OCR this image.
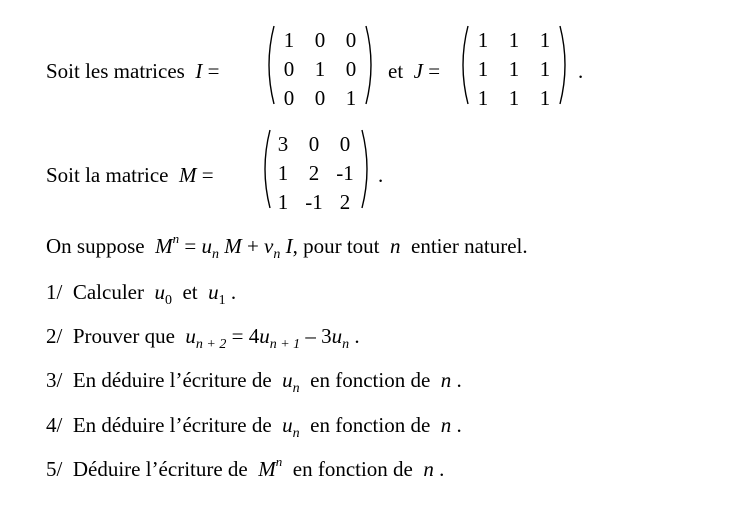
Soit les matrices I =
1 0 0
0 1 0
0 0 1
et J =
1 1 1
1 1 1
1 1 1
.
Soit la matrice M =
3 0 0
1 2 -1
1 -1 2
.
On suppose $M^n = u_n$ $M + v_n$ I, pour tout n entier naturel.
1/ Calculer $u_0$ et $u_1$ .
2/ Prouver que $u_{n + 2} = 4u_{n + 1} - 3u_n$ .
3/ En déduire l’écriture de $u_n$ en fonction de n .
4/ En déduire l’écriture de $u_n$ en fonction de n .
5/ Déduire l’écriture de $M^n$ en fonction de n .
